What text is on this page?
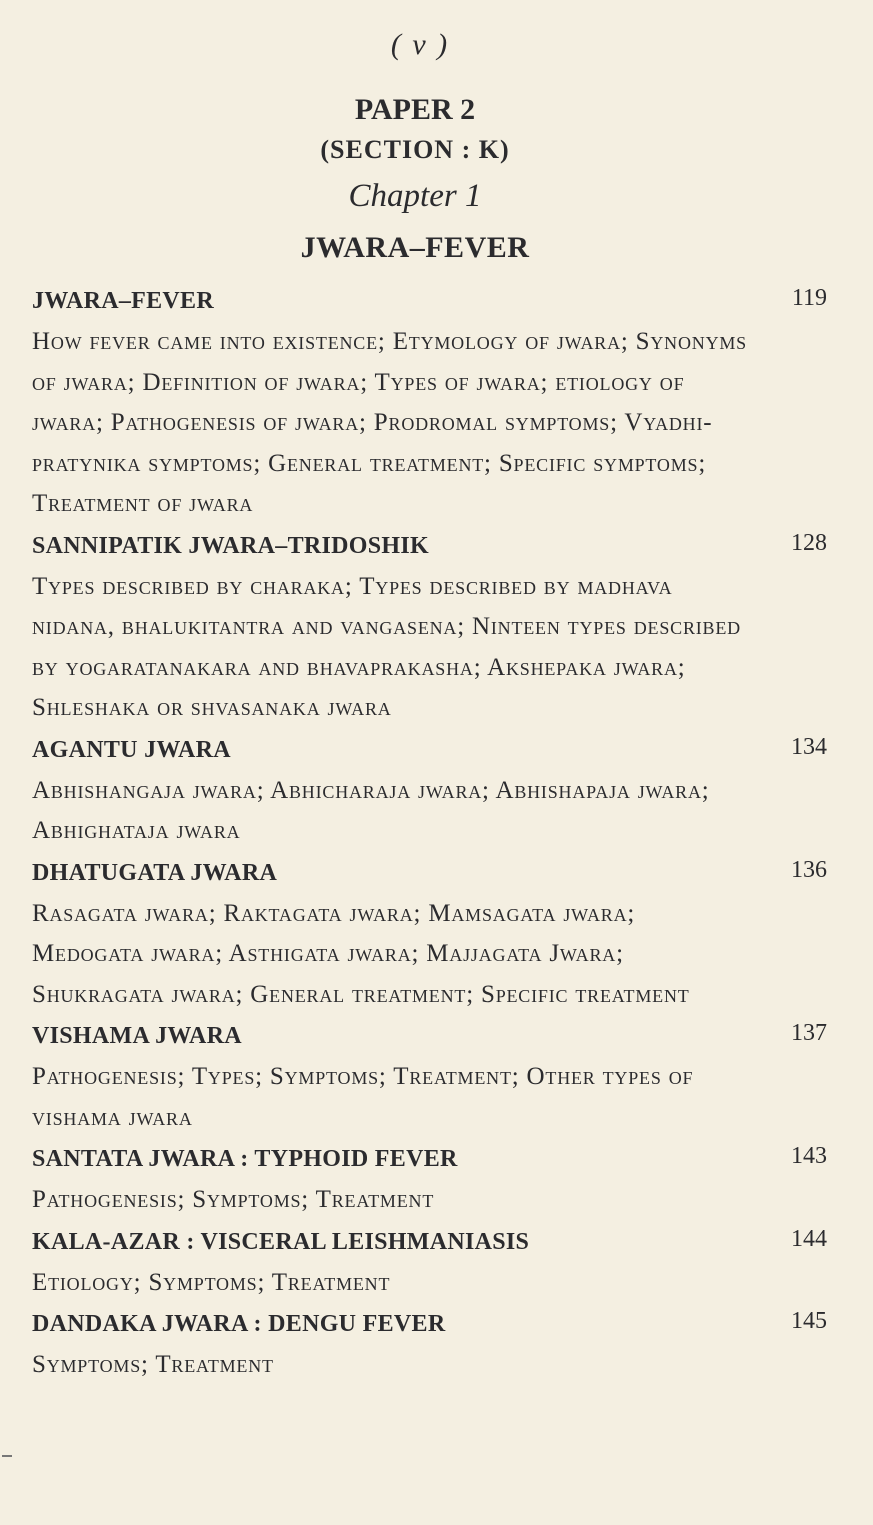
( v )
PAPER 2
(SECTION : K)
Chapter 1
JWARA–FEVER
JWARA–FEVER	119
How fever came into existence; Etymology of jwara; Synonyms of jwara; Definition of jwara; Types of jwara; etiology of jwara; Pathogenesis of jwara; Prodromal symptoms; Vyadhi-pratynika symptoms; General treatment; Specific symptoms; Treatment of jwara
SANNIPATIK JWARA–TRIDOSHIK	128
Types described by charaka; Types described by madhava nidana, bhalukitantra and vangasena; Ninteen types described by yogaratanakara and bhavaprakasha; Akshepaka jwara; Shleshaka or shvasanaka jwara
AGANTU JWARA	134
Abhishangaja jwara; Abhicharaja jwara; Abhishapaja jwara; Abhighataja jwara
DHATUGATA JWARA	136
Rasagata jwara; Raktagata jwara; Mamsagata jwara; Medogata jwara; Asthigata jwara; Majjagata Jwara; Shukragata jwara; General treatment; Specific treatment
VISHAMA JWARA	137
Pathogenesis; Types; Symptoms; Treatment; Other types of vishama jwara
SANTATA JWARA : TYPHOID FEVER	143
Pathogenesis; Symptoms; Treatment
KALA-AZAR : VISCERAL LEISHMANIASIS	144
Etiology; Symptoms; Treatment
DANDAKA JWARA : DENGU FEVER	145
Symptoms; Treatment
